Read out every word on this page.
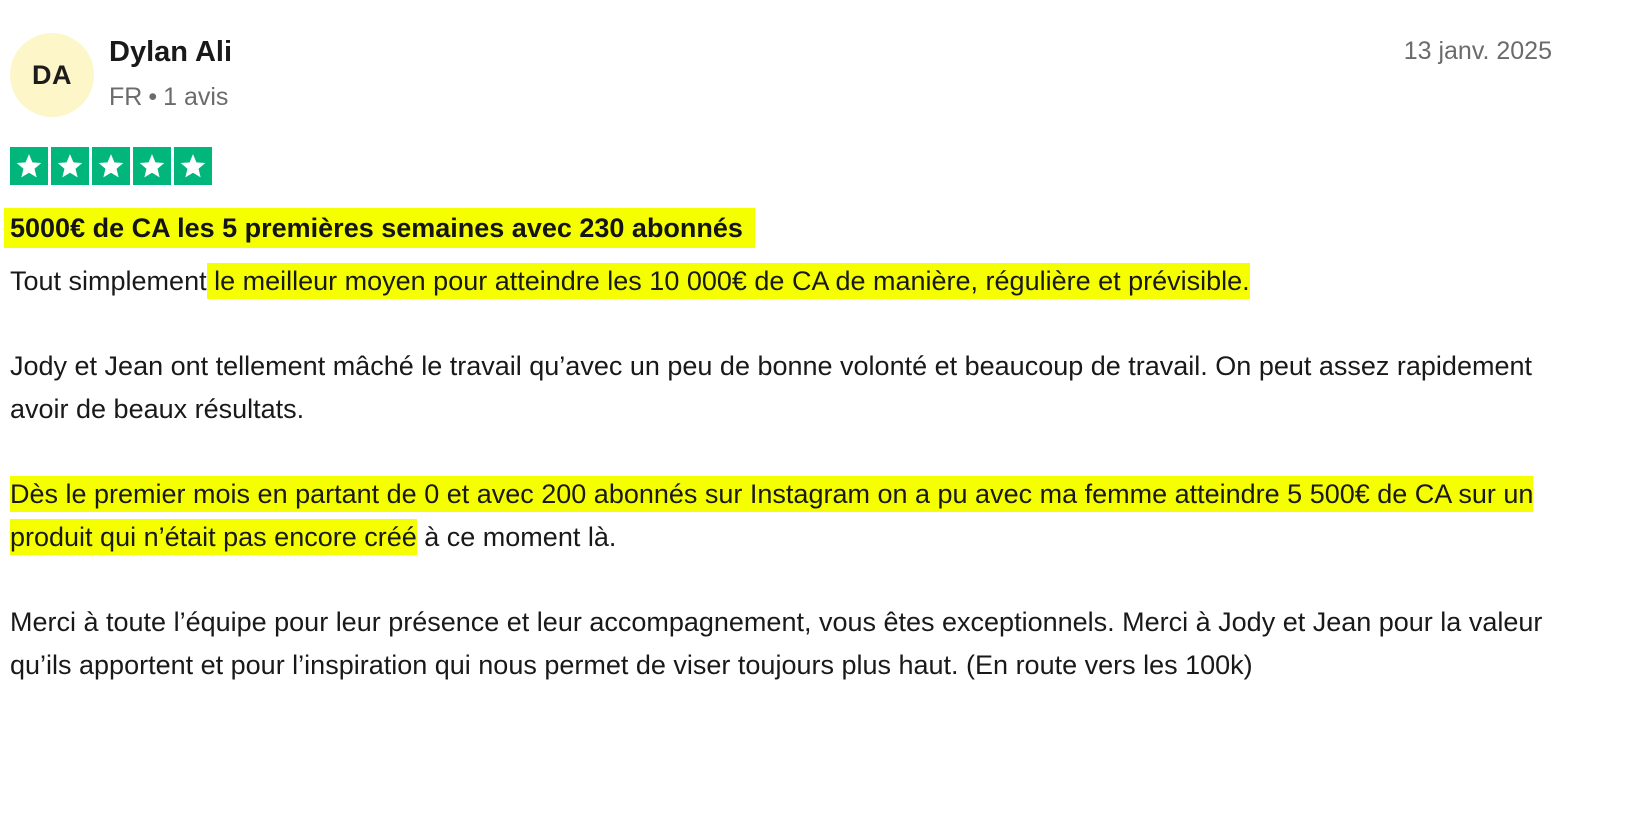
DA
Dylan Ali
FR • 1 avis
13 janv. 2025
5000€ de CA les 5 premières semaines avec 230 abonnés

Tout simplement le meilleur moyen pour atteindre les 10 000€ de CA de manière, régulière et prévisible.

Jody et Jean ont tellement mâché le travail qu’avec un peu de bonne volonté et beaucoup de travail. On peut assez rapidement avoir de beaux résultats.

Dès le premier mois en partant de 0 et avec 200 abonnés sur Instagram on a pu avec ma femme atteindre 5 500€ de CA sur un produit qui n’était pas encore créé à ce moment là.

Merci à toute l’équipe pour leur présence et leur accompagnement, vous êtes exceptionnels. Merci à Jody et Jean pour la valeur qu’ils apportent et pour l’inspiration qui nous permet de viser toujours plus haut. (En route vers les 100k)
